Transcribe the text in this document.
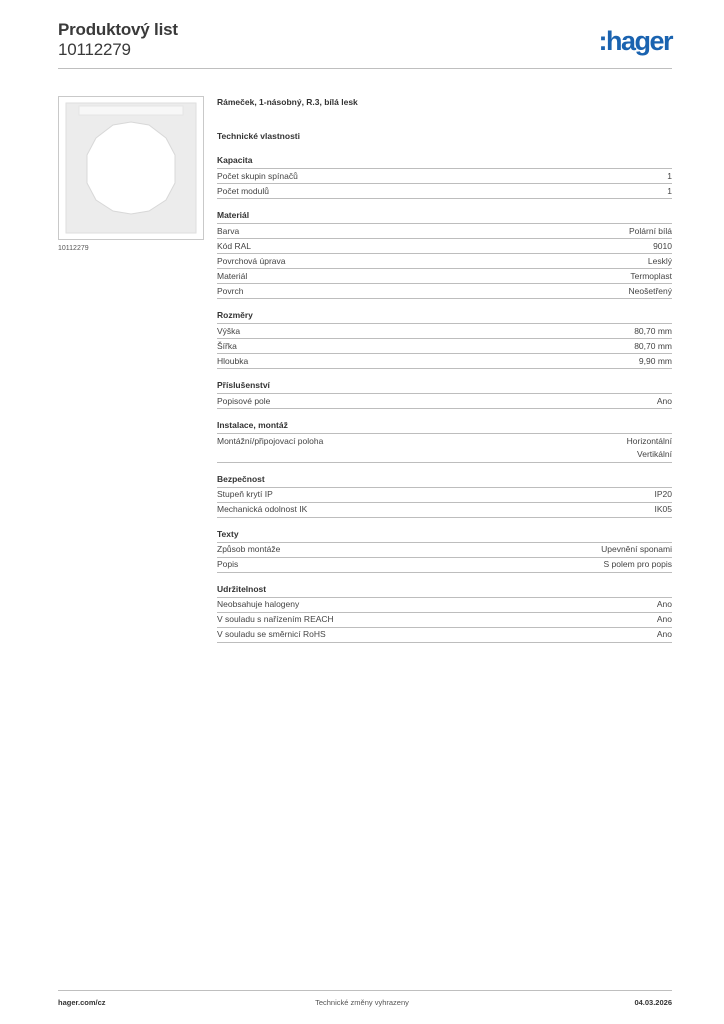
Produktový list
10112279	:hager
10112279
Rámeček, 1-násobný, R.3, bílá lesk
Technické vlastnosti
Kapacita
Počet skupin spínačů	1
Počet modulů	1
Materiál
Barva	Polární bílá
Kód RAL	9010
Povrchová úprava	Lesklý
Materiál	Termoplast
Povrch	Neošetřený
Rozměry
Výška	80,70 mm
Šířka	80,70 mm
Hloubka	9,90 mm
Příslušenství
Popisové pole	Ano
Instalace, montáž
Montážní/připojovací poloha	Horizontální
Vertikální
Bezpečnost
Stupeň krytí IP	IP20
Mechanická odolnost IK	IK05
Texty
Způsob montáže	Upevnění sponami
Popis	S polem pro popis
Udržitelnost
Neobsahuje halogeny	Ano
V souladu s nařízením REACH	Ano
V souladu se směrnicí RoHS	Ano
hager.com/cz	Technické změny vyhrazeny	04.03.2026
